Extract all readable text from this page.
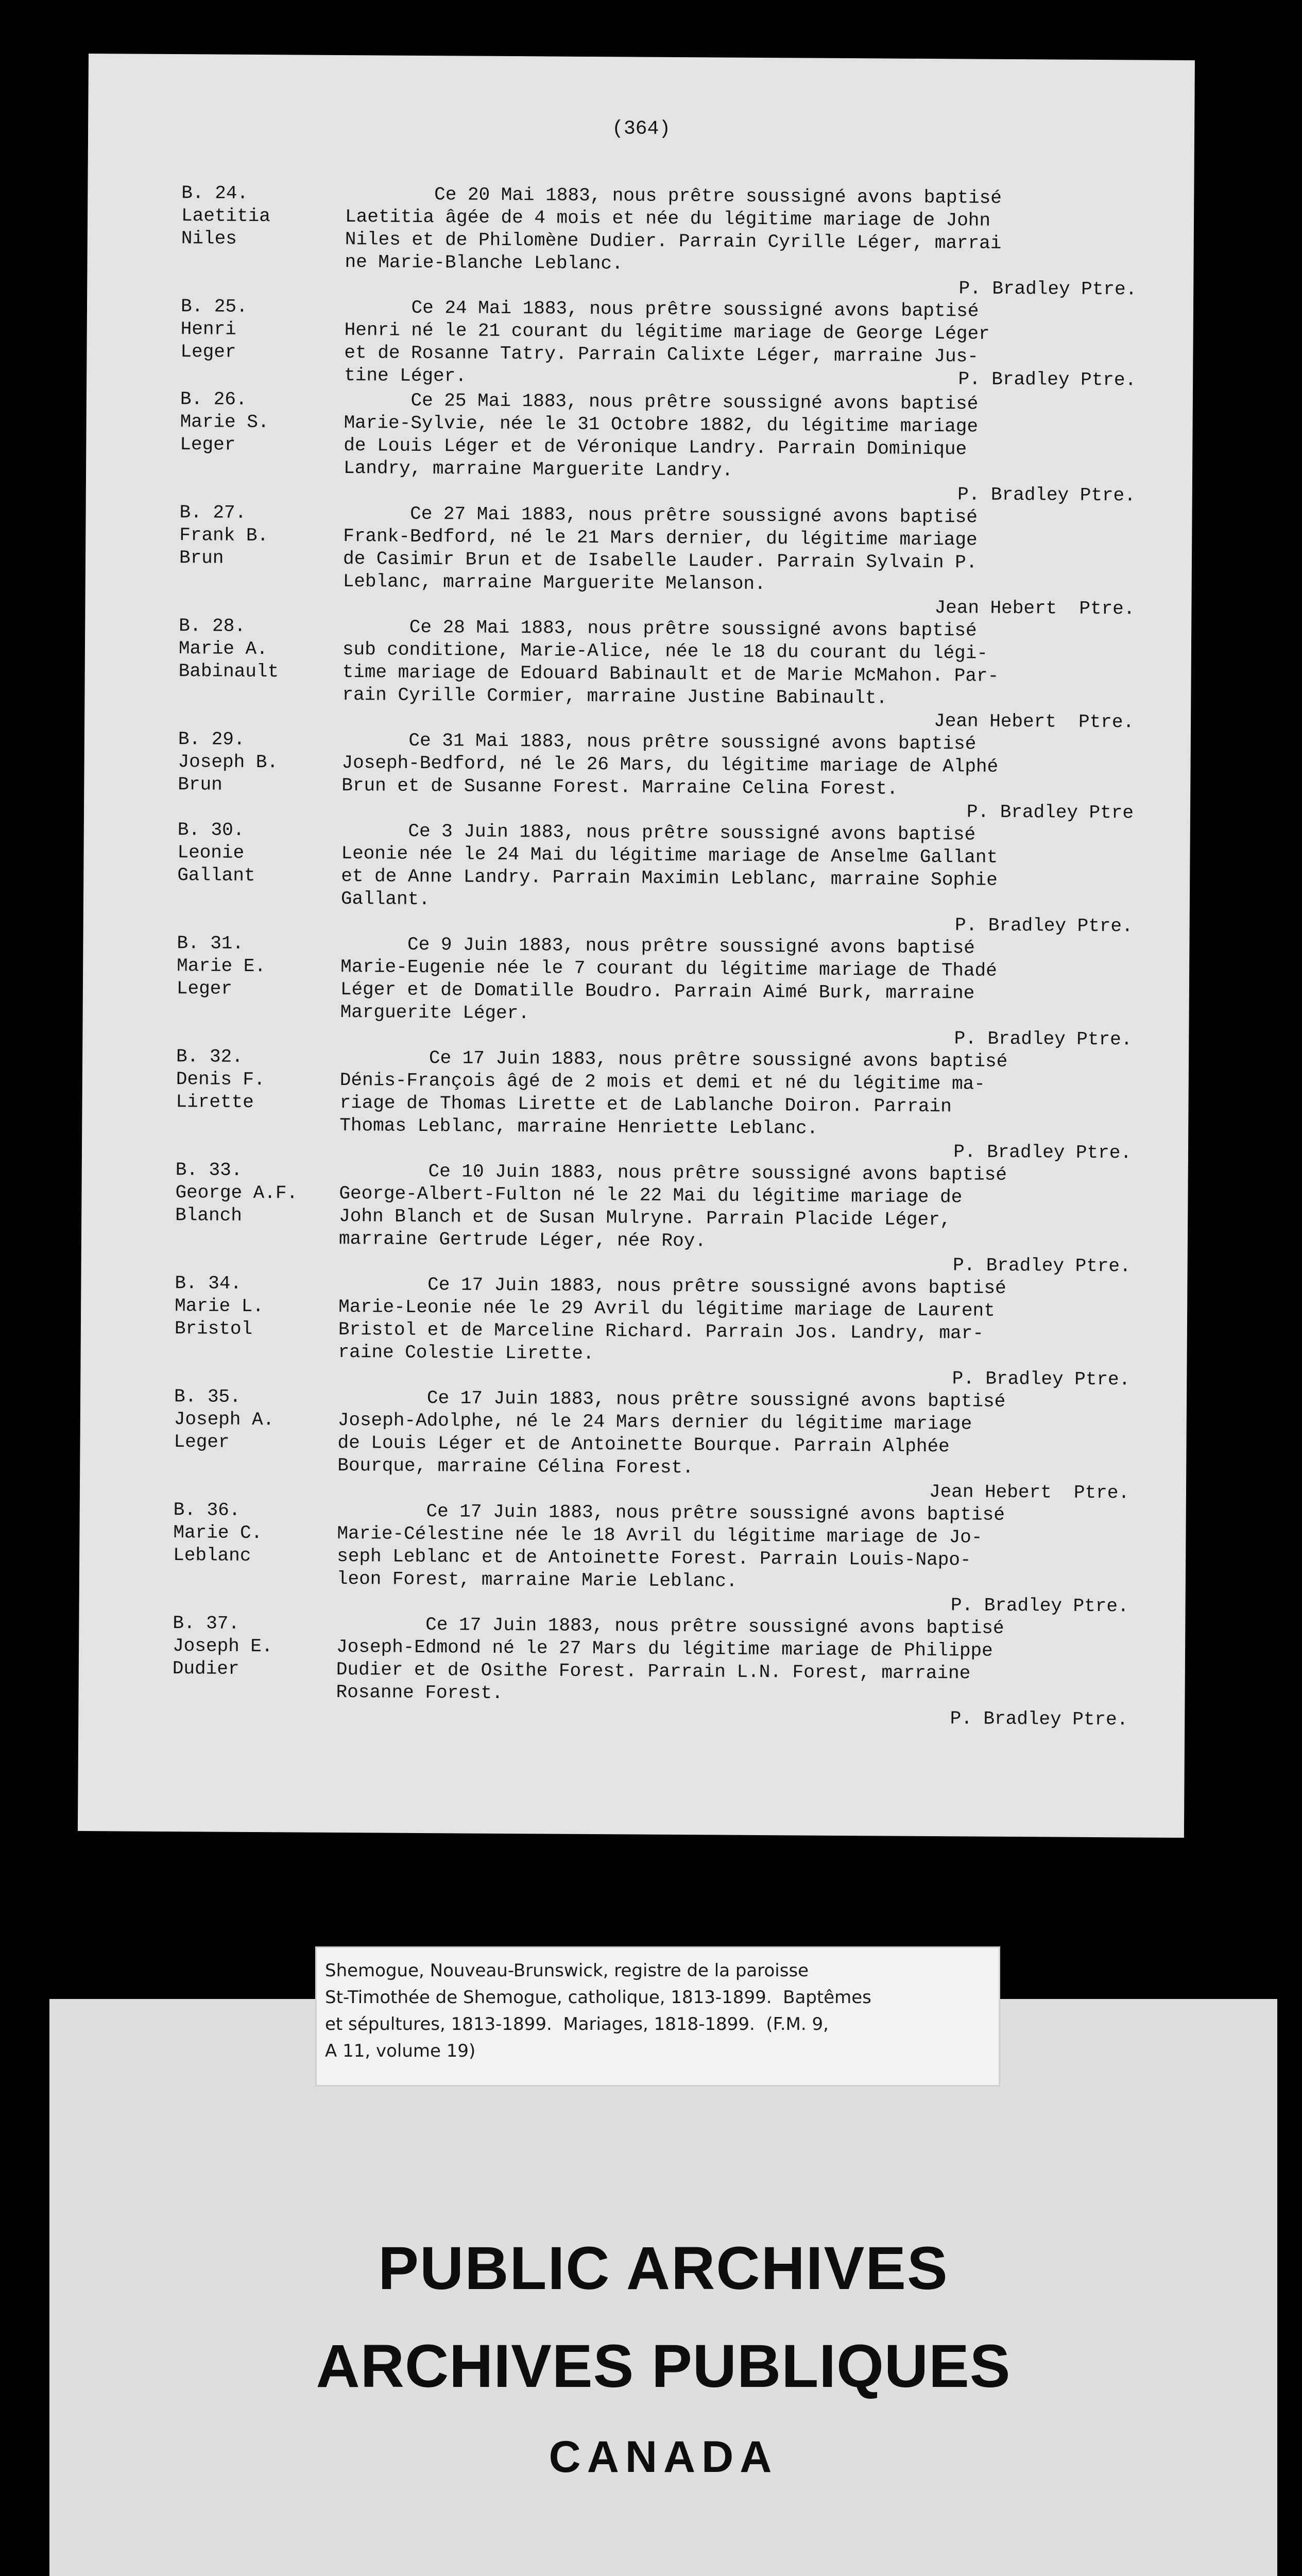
(364)
B. 24.
Laetitia
Niles
Ce 20 Mai 1883, nous prêtre soussigné avons baptisé
Laetitia âgée de 4 mois et née du légitime mariage de John
Niles et de Philomène Dudier. Parrain Cyrille Léger, marrai
ne Marie-Blanche Leblanc.
P. Bradley Ptre.
B. 25.
Henri
Leger
Ce 24 Mai 1883, nous prêtre soussigné avons baptisé
Henri né le 21 courant du légitime mariage de George Léger
et de Rosanne Tatry. Parrain Calixte Léger, marraine Jus-
tine Léger.	P. Bradley Ptre.
B. 26.
Marie S.
Leger
Ce 25 Mai 1883, nous prêtre soussigné avons baptisé
Marie-Sylvie, née le 31 Octobre 1882, du légitime mariage
de Louis Léger et de Véronique Landry. Parrain Dominique
Landry, marraine Marguerite Landry.
P. Bradley Ptre.
B. 27.
Frank B.
Brun
Ce 27 Mai 1883, nous prêtre soussigné avons baptisé
Frank-Bedford, né le 21 Mars dernier, du légitime mariage
de Casimir Brun et de Isabelle Lauder. Parrain Sylvain P.
Leblanc, marraine Marguerite Melanson.
Jean Hebert  Ptre.
B. 28.
Marie A.
Babinault
Ce 28 Mai 1883, nous prêtre soussigné avons baptisé
sub conditione, Marie-Alice, née le 18 du courant du légi-
time mariage de Edouard Babinault et de Marie McMahon. Par-
rain Cyrille Cormier, marraine Justine Babinault.
Jean Hebert  Ptre.
B. 29.
Joseph B.
Brun
Ce 31 Mai 1883, nous prêtre soussigné avons baptisé
Joseph-Bedford, né le 26 Mars, du légitime mariage de Alphé
Brun et de Susanne Forest. Marraine Celina Forest.
P. Bradley Ptre
B. 30.
Leonie
Gallant
Ce 3 Juin 1883, nous prêtre soussigné avons baptisé
Leonie née le 24 Mai du légitime mariage de Anselme Gallant
et de Anne Landry. Parrain Maximin Leblanc, marraine Sophie
Gallant.
P. Bradley Ptre.
B. 31.
Marie E.
Leger
Ce 9 Juin 1883, nous prêtre soussigné avons baptisé
Marie-Eugenie née le 7 courant du légitime mariage de Thadé
Léger et de Domatille Boudro. Parrain Aimé Burk, marraine
Marguerite Léger.
P. Bradley Ptre.
B. 32.
Denis F.
Lirette
Ce 17 Juin 1883, nous prêtre soussigné avons baptisé
Dénis-François âgé de 2 mois et demi et né du légitime ma-
riage de Thomas Lirette et de Lablanche Doiron. Parrain
Thomas Leblanc, marraine Henriette Leblanc.
P. Bradley Ptre.
B. 33.
George A.F.
Blanch
Ce 10 Juin 1883, nous prêtre soussigné avons baptisé
George-Albert-Fulton né le 22 Mai du légitime mariage de
John Blanch et de Susan Mulryne. Parrain Placide Léger,
marraine Gertrude Léger, née Roy.
P. Bradley Ptre.
B. 34.
Marie L.
Bristol
Ce 17 Juin 1883, nous prêtre soussigné avons baptisé
Marie-Leonie née le 29 Avril du légitime mariage de Laurent
Bristol et de Marceline Richard. Parrain Jos. Landry, mar-
raine Colestie Lirette.
P. Bradley Ptre.
B. 35.
Joseph A.
Leger
Ce 17 Juin 1883, nous prêtre soussigné avons baptisé
Joseph-Adolphe, né le 24 Mars dernier du légitime mariage
de Louis Léger et de Antoinette Bourque. Parrain Alphée
Bourque, marraine Célina Forest.
Jean Hebert  Ptre.
B. 36.
Marie C.
Leblanc
Ce 17 Juin 1883, nous prêtre soussigné avons baptisé
Marie-Célestine née le 18 Avril du légitime mariage de Jo-
seph Leblanc et de Antoinette Forest. Parrain Louis-Napo-
leon Forest, marraine Marie Leblanc.
P. Bradley Ptre.
B. 37.
Joseph E.
Dudier
Ce 17 Juin 1883, nous prêtre soussigné avons baptisé
Joseph-Edmond né le 27 Mars du légitime mariage de Philippe
Dudier et de Osithe Forest. Parrain L.N. Forest, marraine
Rosanne Forest.
P. Bradley Ptre.
PUBLIC ARCHIVES
ARCHIVES PUBLIQUES
CANADA
Shemogue, Nouveau-Brunswick, registre de la paroisse
St-Timothée de Shemogue, catholique, 1813-1899.  Baptêmes
et sépultures, 1813-1899.  Mariages, 1818-1899.  (F.M. 9,
A 11, volume 19)
